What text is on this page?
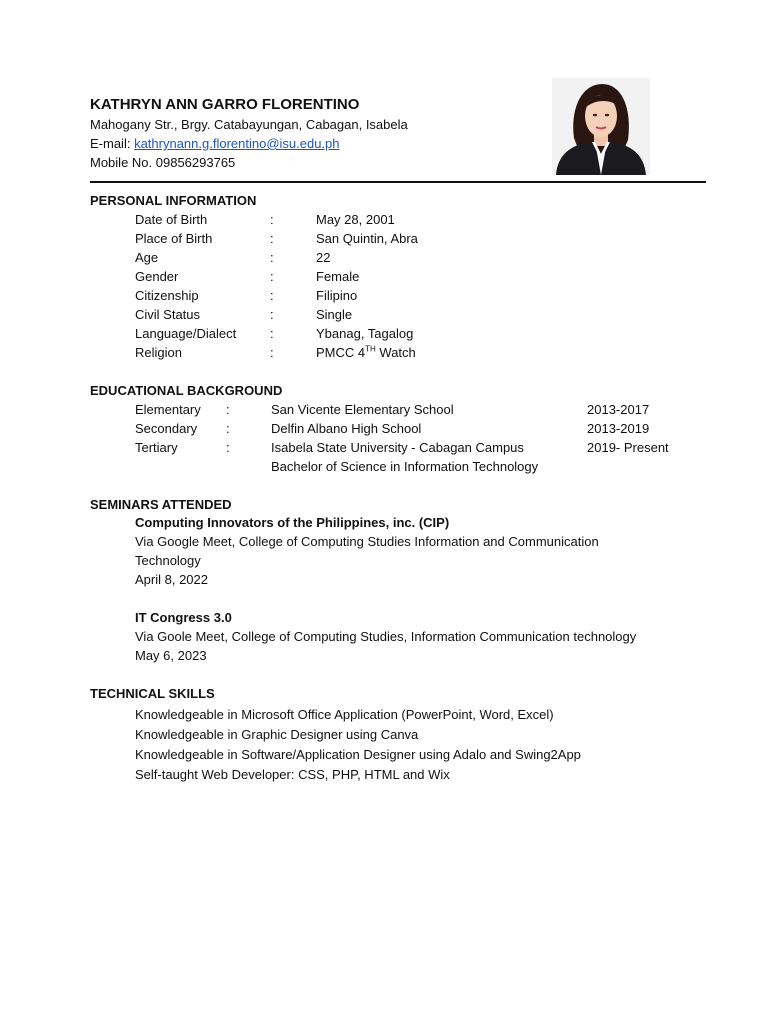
KATHRYN ANN GARRO FLORENTINO
Mahogany Str., Brgy. Catabayungan, Cabagan, Isabela
E-mail: kathrynann.g.florentino@isu.edu.ph
Mobile No. 09856293765
PERSONAL INFORMATION
Date of Birth	:	May 28, 2001
Place of Birth	:	San Quintin, Abra
Age	:	22
Gender	:	Female
Citizenship	:	Filipino
Civil Status	:	Single
Language/Dialect	:	Ybanag, Tagalog
Religion	:	PMCC 4TH Watch
EDUCATIONAL BACKGROUND
Elementary :	San Vicente Elementary School	2013-2017
Secondary :	Delfin Albano High School	2013-2019
Tertiary	:	Isabela State University - Cabagan Campus	2019- Present
Bachelor of Science in Information Technology
SEMINARS ATTENDED
Computing Innovators of the Philippines, inc. (CIP)
Via Google Meet, College of Computing Studies Information and Communication
Technology
April 8, 2022
IT Congress 3.0
Via Goole Meet, College of Computing Studies, Information Communication technology
May 6, 2023
TECHNICAL SKILLS
Knowledgeable in Microsoft Office Application (PowerPoint, Word, Excel)
Knowledgeable in Graphic Designer using Canva
Knowledgeable in Software/Application Designer using Adalo and Swing2App
Self-taught Web Developer: CSS, PHP, HTML and Wix
